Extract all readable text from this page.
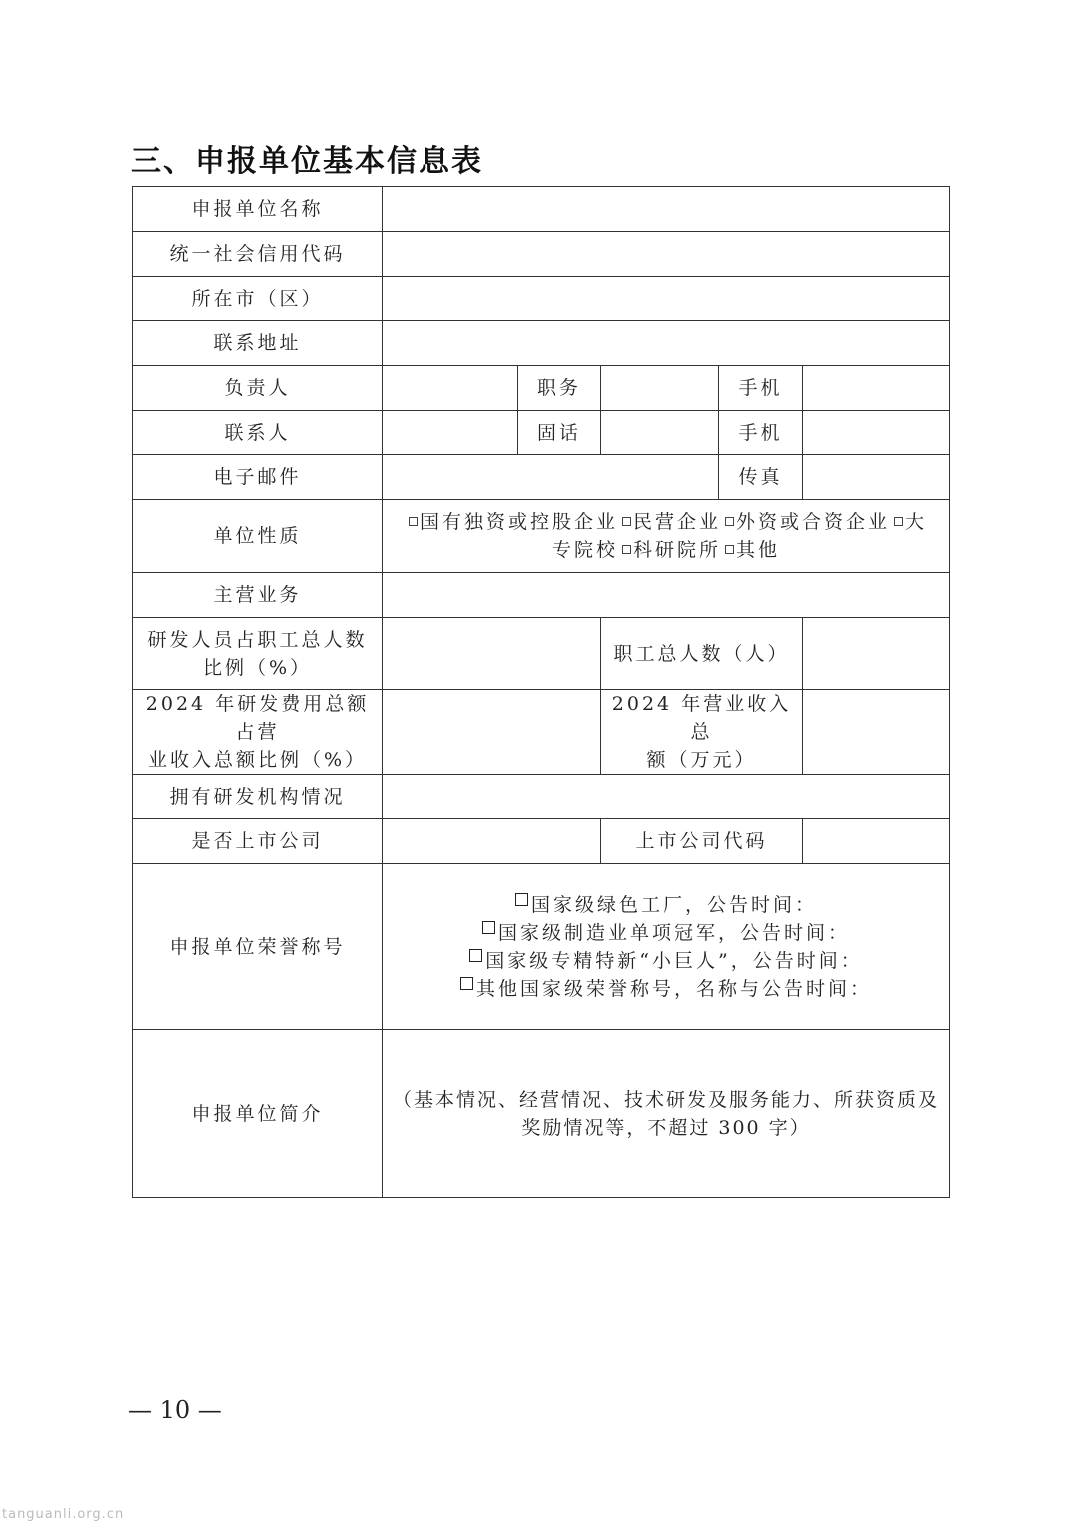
三、申报单位基本信息表
申报单位名称					
统一社会信用代码					
所在市（区）					
联系地址					
负责人		职务		手机	
联系人		固话		手机	
电子邮件				传真	
单位性质	国有独资或控股企业 民营企业 外资或合资企业 大
专院校 科研院所 其他				
主营业务					
研发人员占职工总人数
比例（%）			职工总人数（人）		
2024 年研发费用总额占营
业收入总额比例（%）			2024 年营业收入总
额（万元）		
拥有研发机构情况					
是否上市公司			上市公司代码		
申报单位荣誉称号	国家级绿色工厂，公告时间：
国家级制造业单项冠军，公告时间：
国家级专精特新“小巨人”，公告时间：
其他国家级荣誉称号，名称与公告时间：				

申报单位简介	（基本情况、经营情况、技术研发及服务能力、所获资质及
奖励情况等，不超过 300 字）				
— 10 —
tanguanli.org.cn
